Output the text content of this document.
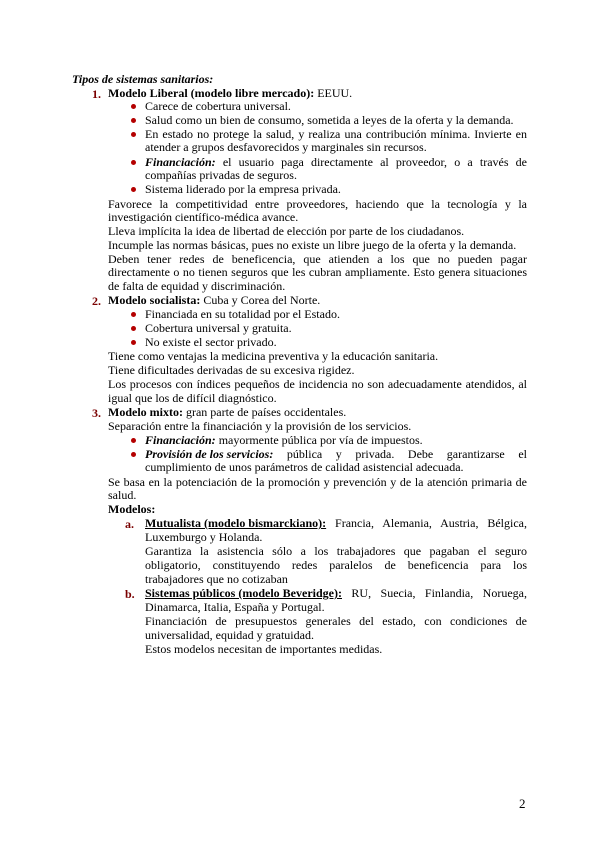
Tipos de sistemas sanitarios:
1. Modelo Liberal (modelo libre mercado): EEUU.
Carece de cobertura universal.
Salud como un bien de consumo, sometida a leyes de la oferta y la demanda.
En estado no protege la salud, y realiza una contribución mínima. Invierte en
atender a grupos desfavorecidos y marginales sin recursos.
Financiación: el usuario paga directamente al proveedor, o a través de
compañías privadas de seguros.
Sistema liderado por la empresa privada.
Favorece la competitividad entre proveedores, haciendo que la tecnología y la
investigación científico-médica avance.
Lleva implícita la idea de libertad de elección por parte de los ciudadanos.
Incumple las normas básicas, pues no existe un libre juego de la oferta y la demanda.
Deben tener redes de beneficencia, que atienden a los que no pueden pagar
directamente o no tienen seguros que les cubran ampliamente. Esto genera situaciones
de falta de equidad y discriminación.
2. Modelo socialista: Cuba y Corea del Norte.
Financiada en su totalidad por el Estado.
Cobertura universal y gratuita.
No existe el sector privado.
Tiene como ventajas la medicina preventiva y la educación sanitaria.
Tiene dificultades derivadas de su excesiva rigidez.
Los procesos con índices pequeños de incidencia no son adecuadamente atendidos, al
igual que los de difícil diagnóstico.
3. Modelo mixto: gran parte de países occidentales.
Separación entre la financiación y la provisión de los servicios.
Financiación: mayormente pública por vía de impuestos.
Provisión de los servicios: pública y privada. Debe garantizarse el
cumplimiento de unos parámetros de calidad asistencial adecuada.
Se basa en la potenciación de la promoción y prevención y de la atención primaria de
salud.
Modelos:
a. Mutualista (modelo bismarckiano): Francia, Alemania, Austria, Bélgica,
Luxemburgo y Holanda.
Garantiza la asistencia sólo a los trabajadores que pagaban el seguro
obligatorio, constituyendo redes paralelos de beneficencia para los
trabajadores que no cotizaban
b. Sistemas públicos (modelo Beveridge): RU, Suecia, Finlandia, Noruega,
Dinamarca, Italia, España y Portugal.
Financiación de presupuestos generales del estado, con condiciones de
universalidad, equidad y gratuidad.
Estos modelos necesitan de importantes medidas.
2
